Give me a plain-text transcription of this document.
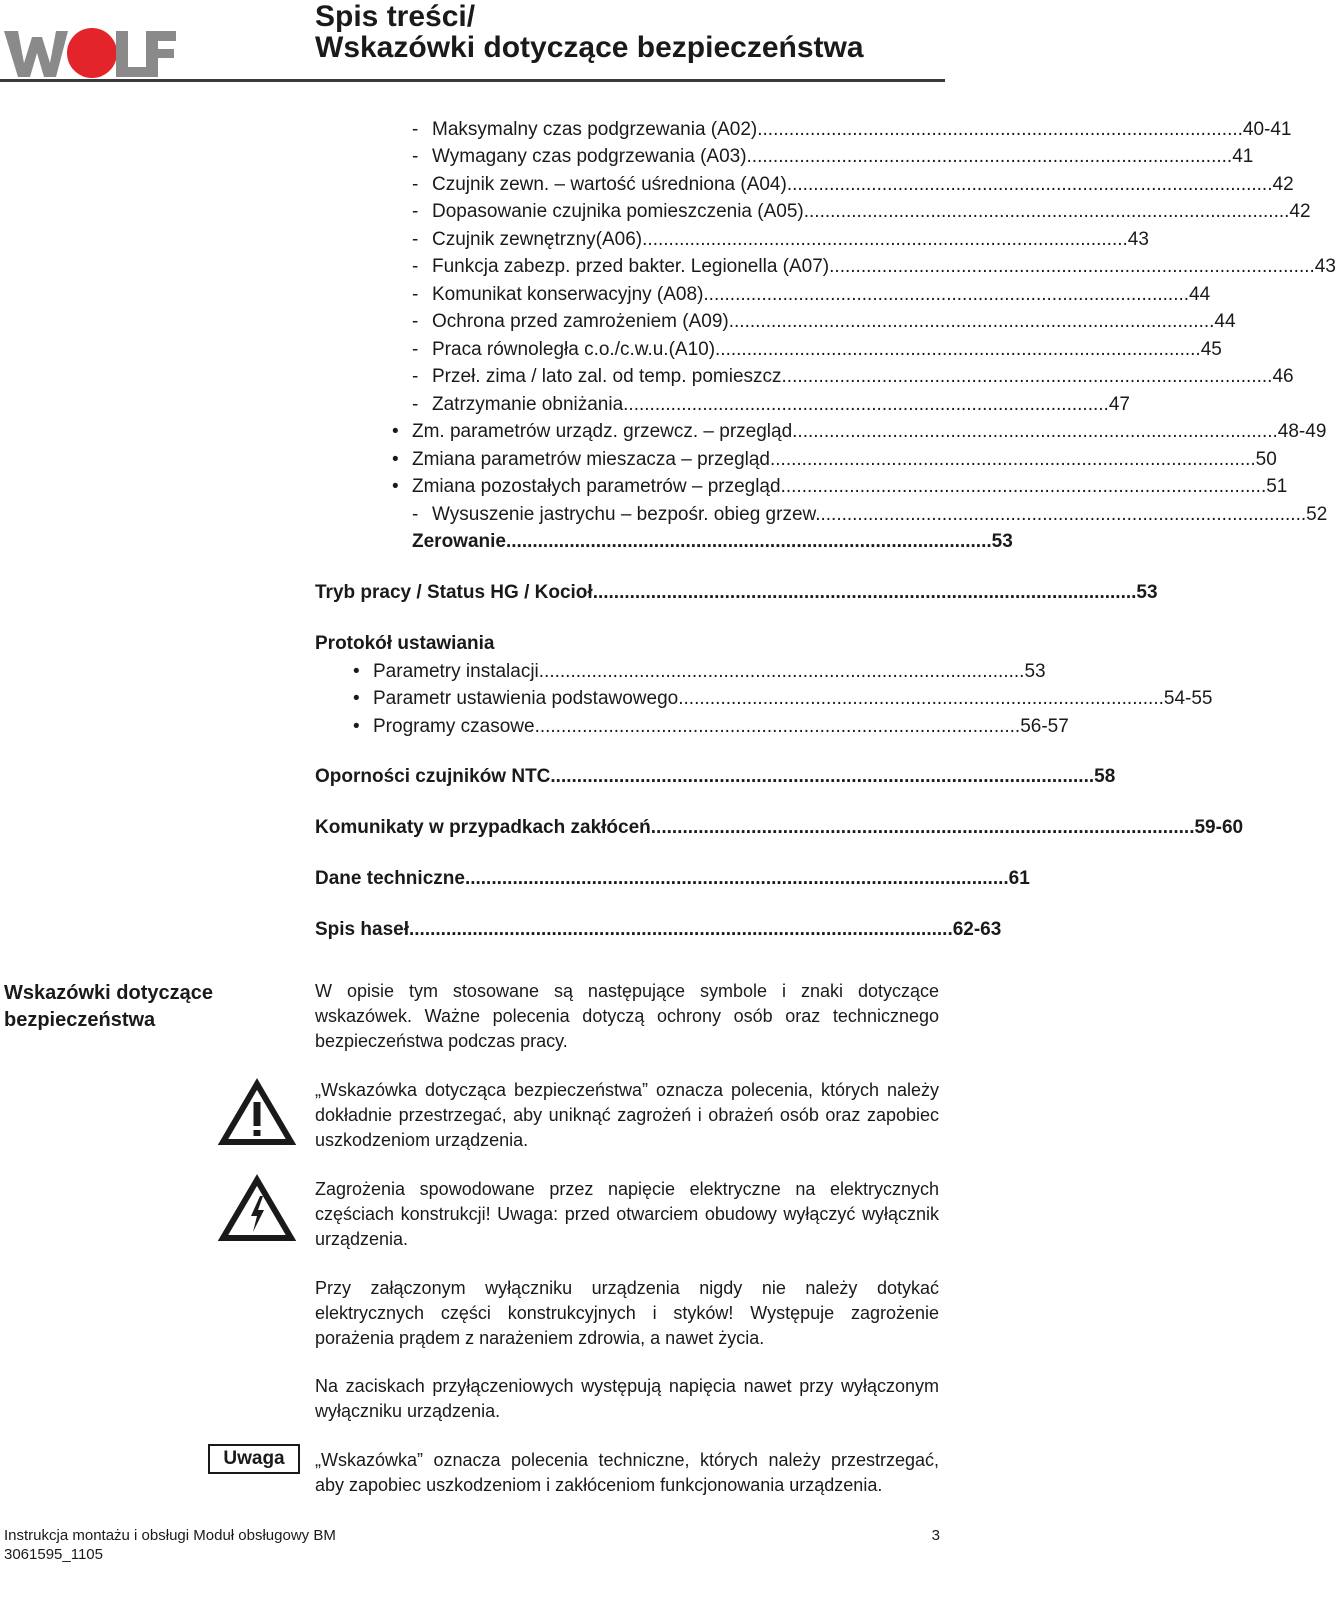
Spis treści/
Wskazówki dotyczące bezpieczeństwa
- Maksymalny czas podgrzewania (A02) ............................................................................................ 40-41
- Wymagany czas podgrzewania (A03) ............................................................................................ 41
- Czujnik zewn. – wartość uśredniona (A04) ............................................................................................ 42
- Dopasowanie czujnika pomieszczenia (A05) ............................................................................................ 42
- Czujnik zewnętrzny(A06) ............................................................................................ 43
- Funkcja zabezp. przed bakter. Legionella (A07) ............................................................................................ 43
- Komunikat konserwacyjny (A08) ............................................................................................ 44
- Ochrona przed zamrożeniem (A09) ............................................................................................ 44
- Praca równoległa c.o./c.w.u.(A10) ............................................................................................ 45
- Przeł. zima / lato zal. od temp. pomieszcz. ............................................................................................ 46
- Zatrzymanie obniżania ............................................................................................ 47
• Zm. parametrów urządz. grzewcz. – przegląd ............................................................................................ 48-49
• Zmiana parametrów mieszacza – przegląd ............................................................................................ 50
• Zmiana pozostałych parametrów – przegląd ............................................................................................ 51
- Wysuszenie jastrychu – bezpośr. obieg grzew. ............................................................................................ 52
Zerowanie ............................................................................................ 53
Tryb pracy / Status HG / Kocioł ....................................................................................................... 53
Protokół ustawiania
• Parametry instalacji ............................................................................................ 53
• Parametr ustawienia podstawowego ............................................................................................ 54-55
• Programy czasowe ............................................................................................ 56-57
Oporności czujników NTC ....................................................................................................... 58
Komunikaty w przypadkach zakłóceń ....................................................................................................... 59-60
Dane techniczne ....................................................................................................... 61
Spis haseł ....................................................................................................... 62-63
Wskazówki dotyczące bezpieczeństwa
W opisie tym stosowane są następujące symbole i znaki dotyczące wskazówek. Ważne polecenia dotyczą ochrony osób oraz technicznego bezpieczeństwa podczas pracy.
„Wskazówka dotycząca bezpieczeństwa” oznacza polecenia, których należy dokładnie przestrzegać, aby uniknąć zagrożeń i obrażeń osób oraz zapobiec uszkodzeniom urządzenia.
Zagrożenia spowodowane przez napięcie elektryczne na elektrycznych częściach konstrukcji! Uwaga: przed otwarciem obudowy wyłączyć wyłącznik urządzenia.
Przy załączonym wyłączniku urządzenia nigdy nie należy dotykać elektrycznych części konstrukcyjnych i styków! Występuje zagrożenie porażenia prądem z narażeniem zdrowia, a nawet życia.
Na zaciskach przyłączeniowych występują napięcia nawet przy wyłączonym wyłączniku urządzenia.
Uwaga	„Wskazówka” oznacza polecenia techniczne, których należy przestrzegać, aby zapobiec uszkodzeniom i zakłóceniom funkcjonowania urządzenia.
Instrukcja montażu i obsługi Moduł obsługowy BM
3061595_1105
3
